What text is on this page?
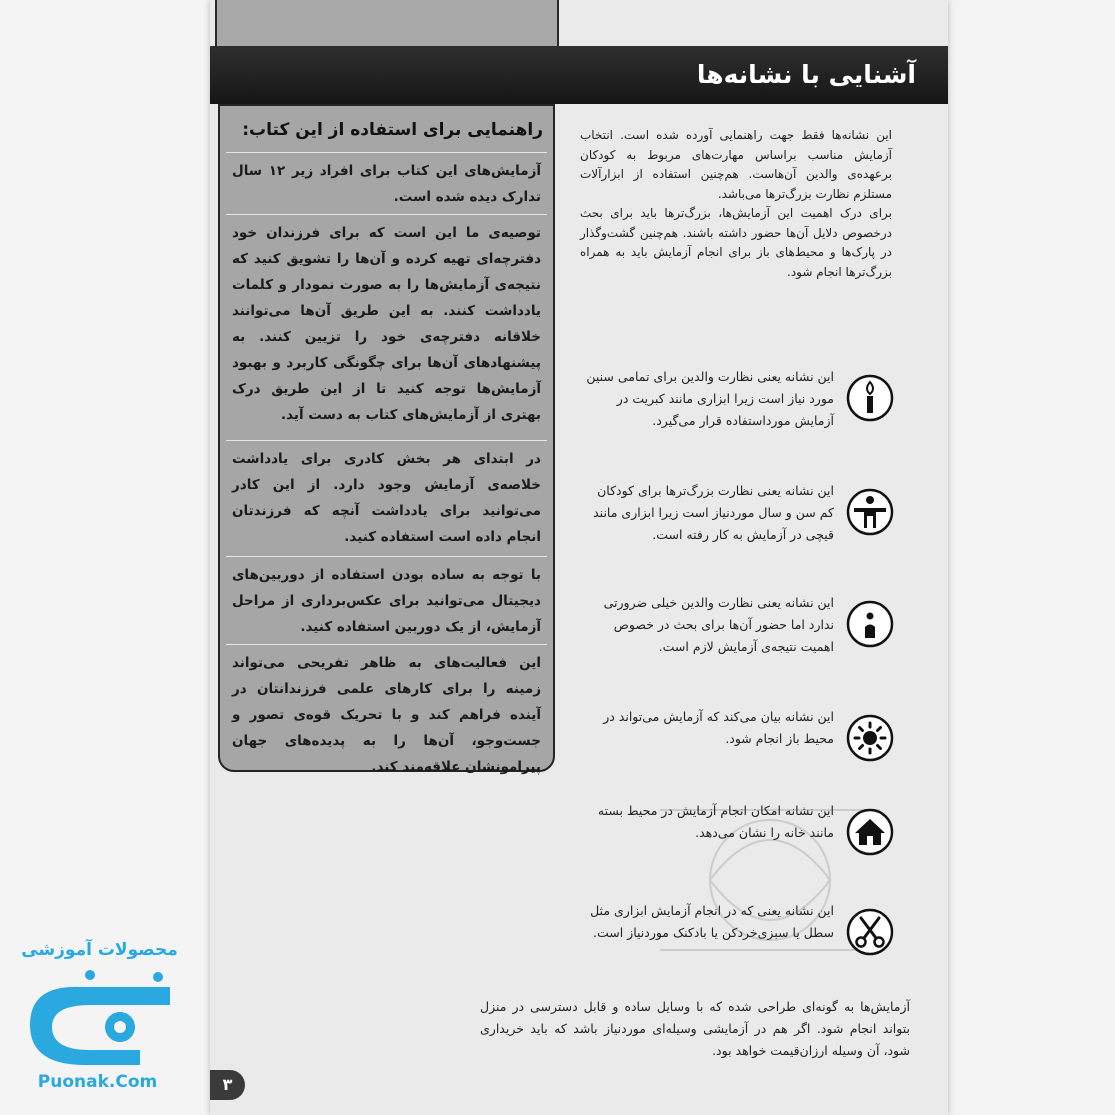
آشنایی با نشانه‌ها
راهنمایی برای استفاده از این کتاب:
آزمایش‌های این کتاب برای افراد زیر ۱۲ سال تدارک دیده شده است.
توصیه‌ی ما این است که برای فرزندان خود دفترچه‌ای تهیه کرده و آن‌ها را تشویق کنید که نتیجه‌ی آزمایش‌ها را به صورت نمودار و کلمات یادداشت کنند. به این طریق آن‌ها می‌توانند خلاقانه دفترچه‌ی خود را تزیین کنند. به پیشنهادهای آن‌ها برای چگونگی کاربرد و بهبود آزمایش‌ها توجه کنید تا از این طریق درک بهتری از آزمایش‌های کتاب به دست آید.
در ابتدای هر بخش کادری برای یادداشت خلاصه‌ی آزمایش وجود دارد. از این کادر می‌توانید برای یادداشت آنچه که فرزندتان انجام داده است استفاده کنید.
با توجه به ساده بودن استفاده از دوربین‌های دیجیتال می‌توانید برای عکس‌برداری از مراحل آزمایش، از یک دوربین استفاده کنید.
این فعالیت‌های به ظاهر تفریحی می‌تواند زمینه را برای کارهای علمی فرزندانتان در آینده فراهم کند و با تحریک قوه‌ی تصور و جست‌وجو، آن‌ها را به پدیده‌های جهان پیرامونشان علاقه‌مند کند.
این نشانه‌ها فقط جهت راهنمایی آورده شده است. انتخاب آزمایش مناسب براساس مهارت‌های مربوط به کودکان برعهده‌ی والدین آن‌هاست. هم‌چنین استفاده از ابزارآلات مستلزم نظارت بزرگ‌ترها می‌باشد.
برای درک اهمیت این آزمایش‌ها، بزرگ‌ترها باید برای بحث درخصوص دلایل آن‌ها حضور داشته باشند. هم‌چنین گشت‌وگذار در پارک‌ها و محیط‌های باز برای انجام آزمایش باید به همراه بزرگ‌ترها انجام شود.
این نشانه یعنی نظارت والدین برای تمامی سنین مورد نیاز است زیرا ابزاری مانند کبریت در آزمایش مورداستفاده قرار می‌گیرد.
این نشانه یعنی نظارت بزرگ‌ترها برای کودکان کم سن و سال موردنیاز است زیرا ابزاری مانند قیچی در آزمایش به کار رفته است.
این نشانه یعنی نظارت والدین خیلی ضرورتی ندارد اما حضور آن‌ها برای بحث در خصوص اهمیت نتیجه‌ی آزمایش لازم است.
این نشانه بیان می‌کند که آزمایش می‌تواند در محیط باز انجام شود.
این نشانه امکان انجام آزمایش در محیط بسته مانند خانه را نشان می‌دهد.
این نشانه یعنی که در انجام آزمایش ابزاری مثل سطل یا سبزی‌خردکن یا بادکنک موردنیاز است.
آزمایش‌ها به گونه‌ای طراحی شده که با وسایل ساده و قابل دسترسی در منزل بتواند انجام شود. اگر هم در آزمایشی وسیله‌ای موردنیاز باشد که باید خریداری شود، آن وسیله ارزان‌قیمت خواهد بود.
۳
محصولات آموزشی
Puonak.Com
